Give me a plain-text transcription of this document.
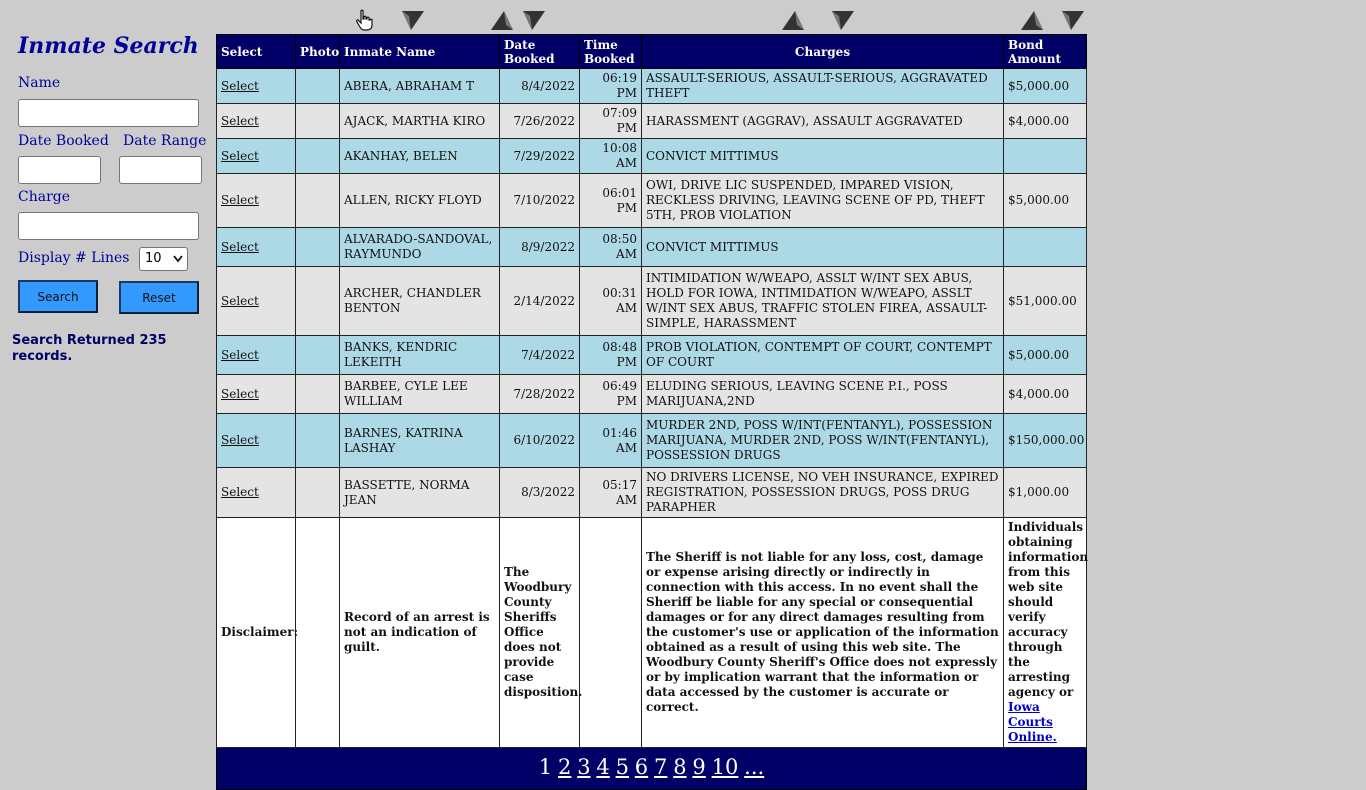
Inmate Search
Name
Date Booked Date Range
Charge
Display # Lines 10
Search	Reset
Search Returned 235 records.
Select	Photo	Inmate Name	Date Booked	Time Booked	Charges	Bond Amount
Select		ABERA, ABRAHAM T	8/4/2022	06:19 PM	ASSAULT-SERIOUS, ASSAULT-SERIOUS, AGGRAVATED THEFT	$5,000.00
Select		AJACK, MARTHA KIRO	7/26/2022	07:09 PM	HARASSMENT (AGGRAV), ASSAULT AGGRAVATED	$4,000.00
Select		AKANHAY, BELEN	7/29/2022	10:08 AM	CONVICT MITTIMUS	
Select		ALLEN, RICKY FLOYD	7/10/2022	06:01 PM	OWI, DRIVE LIC SUSPENDED, IMPARED VISION, RECKLESS DRIVING, LEAVING SCENE OF PD, THEFT 5TH, PROB VIOLATION	$5,000.00
Select		ALVARADO-SANDOVAL, RAYMUNDO	8/9/2022	08:50 AM	CONVICT MITTIMUS	
Select		ARCHER, CHANDLER BENTON	2/14/2022	00:31 AM	INTIMIDATION W/WEAPO, ASSLT W/INT SEX ABUS, HOLD FOR IOWA, INTIMIDATION W/WEAPO, ASSLT W/INT SEX ABUS, TRAFFIC STOLEN FIREA, ASSAULT-SIMPLE, HARASSMENT	$51,000.00
Select		BANKS, KENDRIC LEKEITH	7/4/2022	08:48 PM	PROB VIOLATION, CONTEMPT OF COURT, CONTEMPT OF COURT	$5,000.00
Select		BARBEE, CYLE LEE WILLIAM	7/28/2022	06:49 PM	ELUDING SERIOUS, LEAVING SCENE P.I., POSS MARIJUANA,2ND	$4,000.00
Select		BARNES, KATRINA LASHAY	6/10/2022	01:46 AM	MURDER 2ND, POSS W/INT(FENTANYL), POSSESSION MARIJUANA, MURDER 2ND, POSS W/INT(FENTANYL), POSSESSION DRUGS	$150,000.00
Select		BASSETTE, NORMA JEAN	8/3/2022	05:17 AM	NO DRIVERS LICENSE, NO VEH INSURANCE, EXPIRED REGISTRATION, POSSESSION DRUGS, POSS DRUG PARAPHER	$1,000.00
Disclaimer:		Record of an arrest is not an indication of guilt.	The Woodbury County Sheriffs Office does not provide case disposition.		The Sheriff is not liable for any loss, cost, damage or expense arising directly or indirectly in connection with this access. In no event shall the Sheriff be liable for any special or consequential damages or for any direct damages resulting from the customer's use or application of the information obtained as a result of using this web site. The Woodbury County Sheriff's Office does not expressly or by implication warrant that the information or data accessed by the customer is accurate or correct.	Individuals obtaining information from this web site should verify accuracy through the arresting agency or Iowa Courts Online.
1 2 3 4 5 6 7 8 9 10 ...						
